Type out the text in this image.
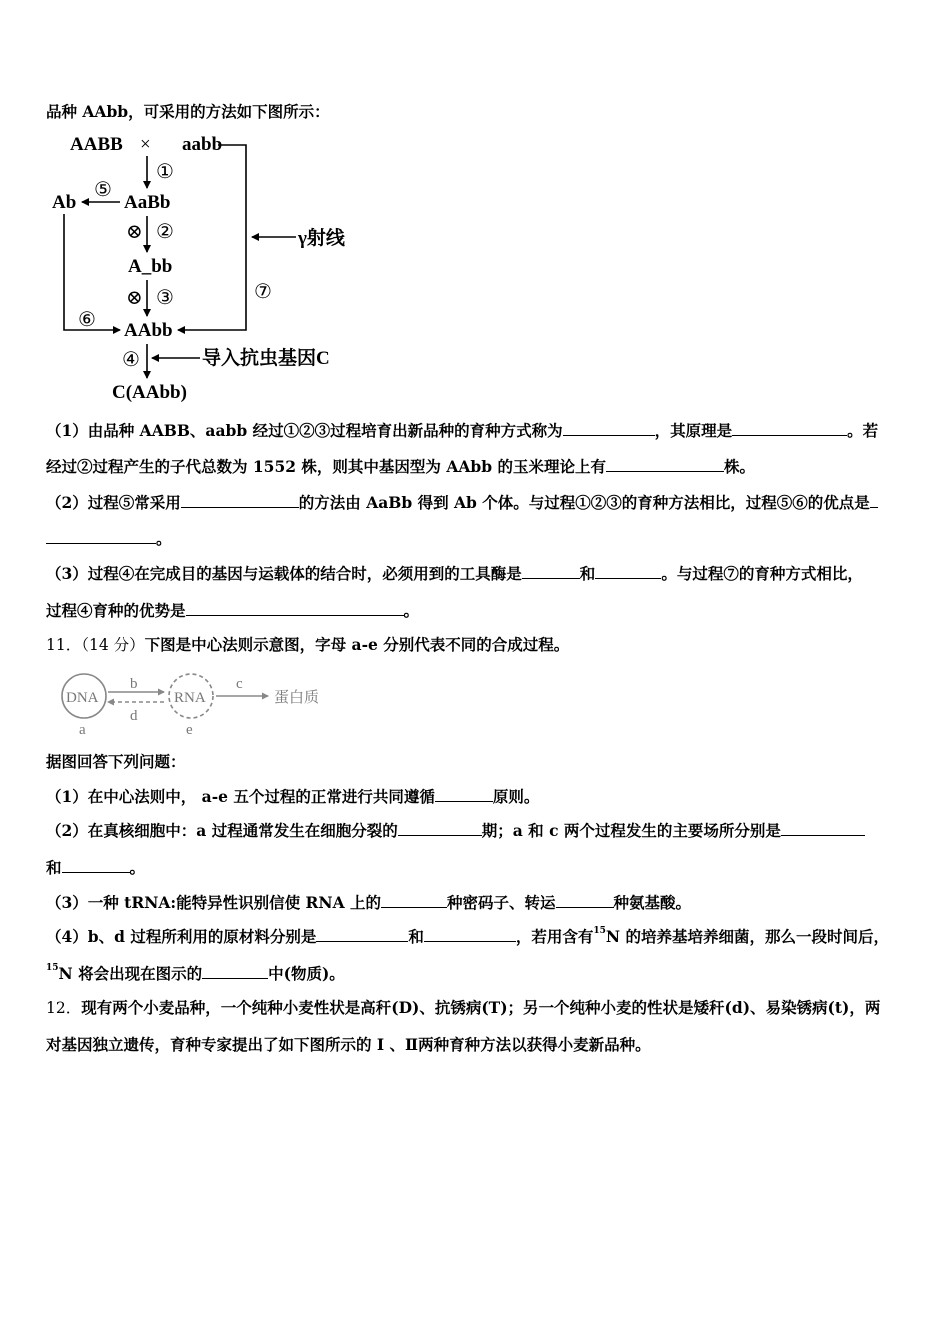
品种 AAbb，可采用的方法如下图所示：
AABB × aabb
AaBb
A_bb
AAbb
C(AAbb)
Ab
γ射线
导入抗虫基因C
①
②
③
④
⑤
⑥
⑦
⊗
⊗
（1）由品种 AABB、aabb 经过①②③过程培育出新品种的育种方式称为	，其原理是	。若
经过②过程产生的子代总数为 1552 株，则其中基因型为 AAbb 的玉米理论上有	株。
（2）过程⑤常采用	的方法由 AaBb 得到 Ab 个体。与过程①②③的育种方法相比，过程⑤⑥的优点是
。
（3）过程④在完成目的基因与运载体的结合时，必须用到的工具酶是	和	。与过程⑦的育种方式相比，
过程④育种的优势是	。
11．（14 分）下图是中心法则示意图，字母 a-e 分别代表不同的合成过程。
DNA	RNA	蛋白质
a
b	c
d
e
据图回答下列问题：
（1）在中心法则中， a-e 五个过程的正常进行共同遵循	原则。
（2）在真核细胞中：a 过程通常发生在细胞分裂的	期；a 和 c 两个过程发生的主要场所分别是
和	。
（3）一种 tRNA:能特异性识别信使 RNA 上的	种密码子、转运	种氨基酸。
（4）b、d 过程所利用的原材料分别是	和	，若用含有$^{15}$N 的培养基培养细菌，那么一段时间后，
$^{15}$N 将会出现在图示的	中(物质)。
12．现有两个小麦品种，一个纯种小麦性状是高秆(D)、抗锈病(T)；另一个纯种小麦的性状是矮秆(d)、易染锈病(t)，两
对基因独立遗传，育种专家提出了如下图所示的 Ⅰ 、Ⅱ两种育种方法以获得小麦新品种。
